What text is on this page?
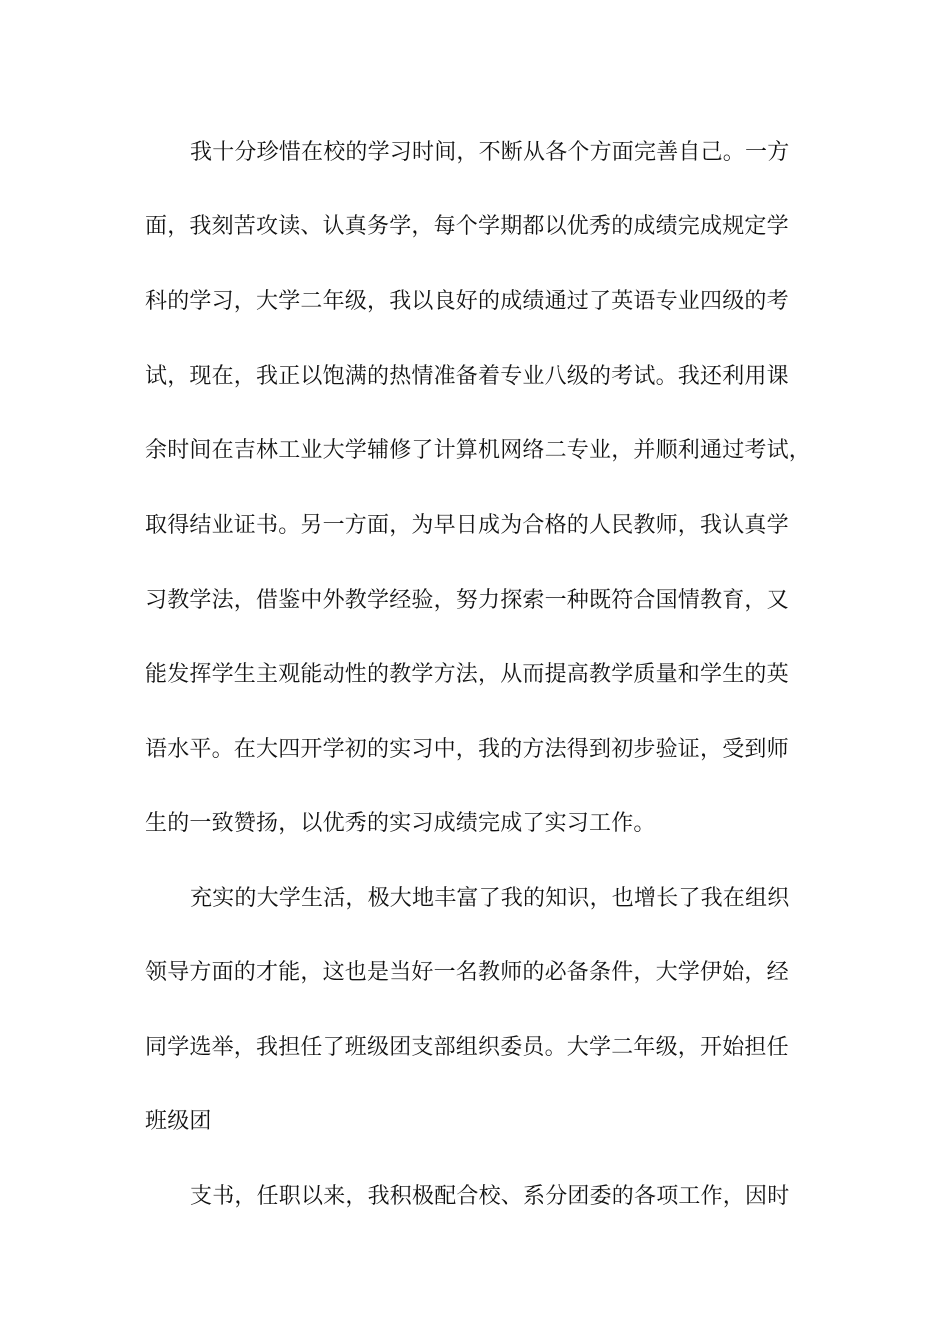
我十分珍惜在校的学习时间，不断从各个方面完善自己。一方
面，我刻苦攻读、认真务学，每个学期都以优秀的成绩完成规定学
科的学习，大学二年级，我以良好的成绩通过了英语专业四级的考
试，现在，我正以饱满的热情准备着专业八级的考试。我还利用课
余时间在吉林工业大学辅修了计算机网络二专业，并顺利通过考试，
取得结业证书。另一方面，为早日成为合格的人民教师，我认真学
习教学法，借鉴中外教学经验，努力探索一种既符合国情教育，又
能发挥学生主观能动性的教学方法，从而提高教学质量和学生的英
语水平。在大四开学初的实习中，我的方法得到初步验证，受到师
生的一致赞扬，以优秀的实习成绩完成了实习工作。
充实的大学生活，极大地丰富了我的知识，也增长了我在组织
领导方面的才能，这也是当好一名教师的必备条件，大学伊始，经
同学选举，我担任了班级团支部组织委员。大学二年级，开始担任
班级团
支书，任职以来，我积极配合校、系分团委的各项工作，因时
